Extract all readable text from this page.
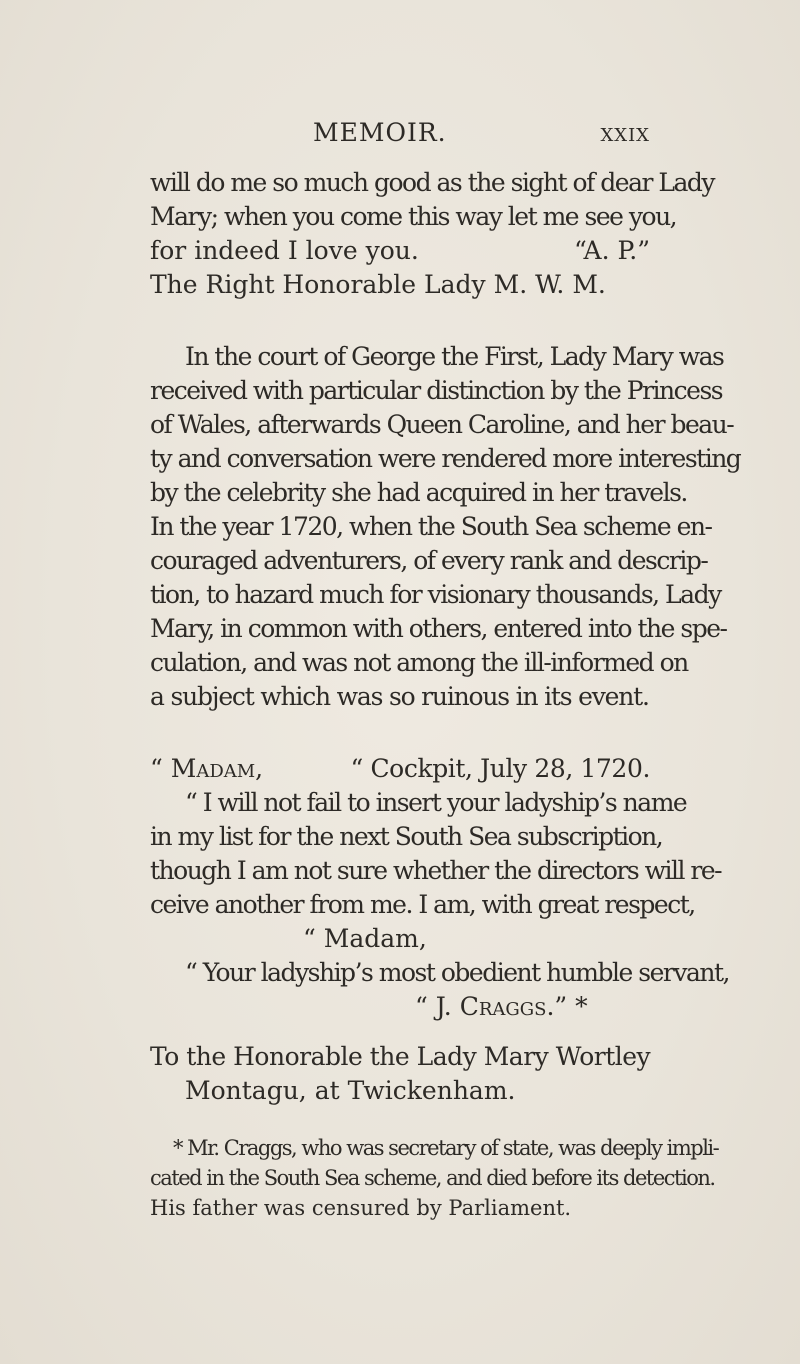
MEMOIR.	xxix
will do me so much good as the sight of dear Lady
Mary; when you come this way let me see you,
for indeed I love you.	“A. P.”
The Right Honorable Lady M. W. M.
In the court of George the First, Lady Mary was
received with particular distinction by the Princess
of Wales, afterwards Queen Caroline, and her beau-
ty and conversation were rendered more interesting
by the celebrity she had acquired in her travels.
In the year 1720, when the South Sea scheme en-
couraged adventurers, of every rank and descrip-
tion, to hazard much for visionary thousands, Lady
Mary, in common with others, entered into the spe-
culation, and was not among the ill-informed on
a subject which was so ruinous in its event.
“ Madam,	“ Cockpit, July 28, 1720.
“ I will not fail to insert your ladyship’s name
in my list for the next South Sea subscription,
though I am not sure whether the directors will re-
ceive another from me. I am, with great respect,
“ Madam,
“ Your ladyship’s most obedient humble servant,
“ J. Craggs.” *
To the Honorable the Lady Mary Wortley
Montagu, at Twickenham.
* Mr. Craggs, who was secretary of state, was deeply impli-
cated in the South Sea scheme, and died before its detection.
His father was censured by Parliament.
